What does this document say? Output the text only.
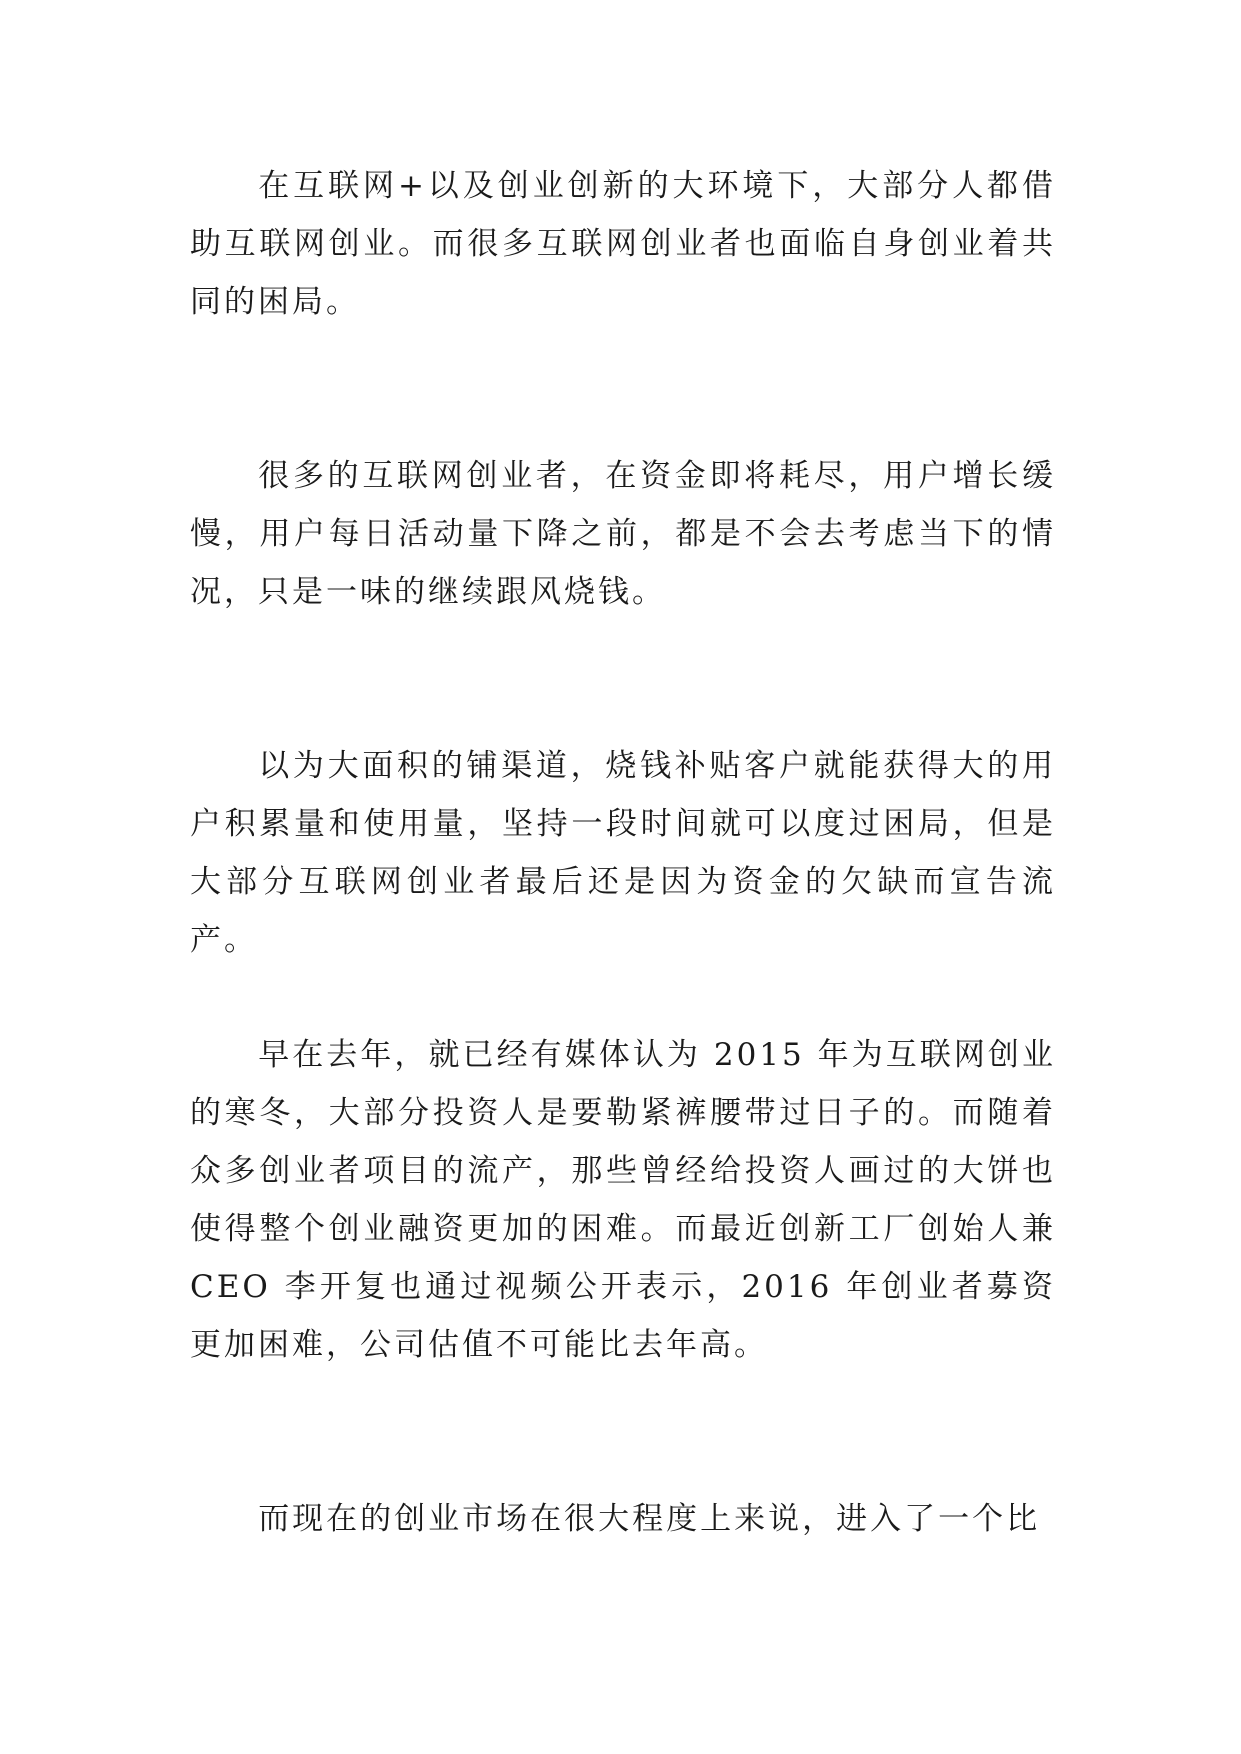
在互联网+以及创业创新的大环境下，大部分人都借助互联网创业。而很多互联网创业者也面临自身创业着共同的困局。

很多的互联网创业者，在资金即将耗尽，用户增长缓慢，用户每日活动量下降之前，都是不会去考虑当下的情况，只是一味的继续跟风烧钱。

以为大面积的铺渠道，烧钱补贴客户就能获得大的用户积累量和使用量，坚持一段时间就可以度过困局，但是大部分互联网创业者最后还是因为资金的欠缺而宣告流产。

早在去年，就已经有媒体认为 2015 年为互联网创业的寒冬，大部分投资人是要勒紧裤腰带过日子的。而随着众多创业者项目的流产，那些曾经给投资人画过的大饼也使得整个创业融资更加的困难。而最近创新工厂创始人兼 CEO 李开复也通过视频公开表示，2016 年创业者募资更加困难，公司估值不可能比去年高。

而现在的创业市场在很大程度上来说，进入了一个比
